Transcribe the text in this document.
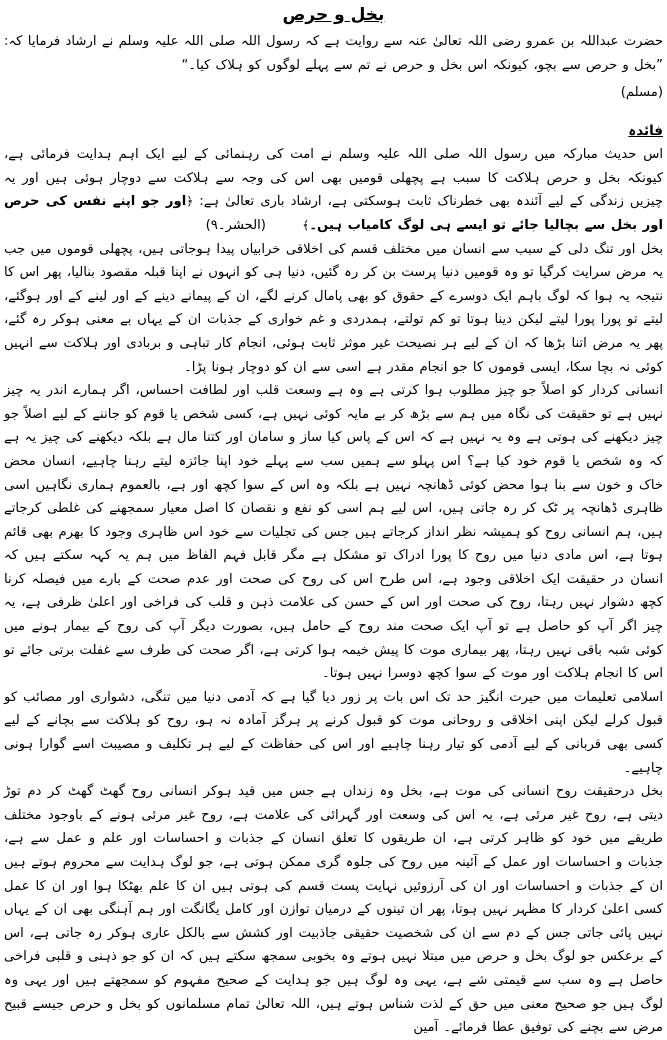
بخل و حرص

حضرت عبداللہ بن عمرو رضی اللہ تعالیٰ عنہ سے روایت ہے کہ رسول اللہ صلی اللہ علیہ وسلم نے ارشاد فرمایا کہ: ”بخل و حرص سے بچو، کیونکہ اس بخل و حرص نے تم سے پہلے لوگوں کو ہلاک کیا۔“

(مسلم)
فائدہ

اس حدیث مبارکہ میں رسول اللہ صلی اللہ علیہ وسلم نے امت کی رہنمائی کے لیے ایک اہم ہدایت فرمائی ہے، کیونکہ بخل و حرص ہلاکت کا سبب ہے پچھلی قومیں بھی اس کی وجہ سے ہلاکت سے دوچار ہوئی ہیں اور یہ چیزیں زندگی کے لیے آئندہ بھی خطرناک ثابت ہوسکتی ہے، ارشاد باری تعالیٰ ہے: ﴿اور جو اپنے نفس کی حرص اور بخل سے بچالیا جائے تو ایسے ہی لوگ کامیاب ہیں۔﴾       (الحشر۔۹)

بخل اور تنگ دلی کے سبب سے انسان میں مختلف قسم کی اخلاقی خرابیاں پیدا ہوجاتی ہیں، پچھلی قوموں میں جب یہ مرض سرایت کرگیا تو وہ قومیں دنیا پرست بن کر رہ گئیں، دنیا ہی کو انہوں نے اپنا قبلہ مقصود بنالیا، پھر اس کا نتیجہ یہ ہوا کہ لوگ باہم ایک دوسرے کے حقوق کو بھی پامال کرنے لگے، ان کے پیمانے دینے کے اور لینے کے اور ہوگئے، لیتے تو پورا پورا لیتے لیکن دینا ہوتا تو کم تولتے، ہمدردی و غم خواری کے جذبات ان کے یہاں بے معنی ہوکر رہ گئے، پھر یہ مرض اتنا بڑھا کہ ان کے لیے ہر نصیحت غیر موثر ثابت ہوئی، انجام کار تباہی و بربادی اور ہلاکت سے انہیں کوئی نہ بچا سکا، ایسی قوموں کا جو انجام مقدر ہے اسی سے ان کو دوچار ہونا پڑا۔

انسانی کردار کو اصلاً جو چیز مطلوب ہوا کرتی ہے وہ ہے وسعت قلب اور لطافت احساس، اگر ہمارے اندر یہ چیز نہیں ہے تو حقیقت کی نگاہ میں ہم سے بڑھ کر بے مایہ کوئی نہیں ہے، کسی شخص یا قوم کو جاننے کے لیے اصلاً جو چیز دیکھنے کی ہوتی ہے وہ یہ نہیں ہے کہ اس کے پاس کیا ساز و سامان اور کتنا مال ہے بلکہ دیکھنے کی چیز یہ ہے کہ وہ شخص یا قوم خود کیا ہے؟ اس پہلو سے ہمیں سب سے پہلے خود اپنا جائزہ لیتے رہنا چاہیے، انسان محض خاک و خون سے بنا ہوا محض کوئی ڈھانچہ نہیں ہے بلکہ وہ اس کے سوا کچھ اور ہے، بالعموم ہماری نگاہیں اسی ظاہری ڈھانچہ پر ٹک کر رہ جاتی ہیں، اس لیے ہم اسی کو نفع و نقصان کا اصل معیار سمجھنے کی غلطی کرجاتے ہیں، ہم انسانی روح کو ہمیشہ نظر انداز کرجاتے ہیں جس کی تجلیات سے خود اس ظاہری وجود کا بھرم بھی قائم ہوتا ہے، اس مادی دنیا میں روح کا پورا ادراک تو مشکل ہے مگر قابل فہم الفاظ میں ہم یہ کہہ سکتے ہیں کہ انسان در حقیقت ایک اخلاقی وجود ہے، اس طرح اس کی روح کی صحت اور عدم صحت کے بارے میں فیصلہ کرنا کچھ دشوار نہیں رہتا، روح کی صحت اور اس کے حسن کی علامت ذہن و قلب کی فراخی اور اعلیٰ ظرفی ہے، یہ چیز اگر آپ کو حاصل ہے تو آپ ایک صحت مند روح کے حامل ہیں، بصورت دیگر آپ کی روح کے بیمار ہونے میں کوئی شبہ باقی نہیں رہتا، پھر بیماری موت کا پیش خیمہ ہوا کرتی ہے، اگر صحت کی طرف سے غفلت برتی جائے تو اس کا انجام ہلاکت اور موت کے سوا کچھ دوسرا نہیں ہوتا۔

اسلامی تعلیمات میں حیرت انگیز حد تک اس بات پر زور دیا گیا ہے کہ آدمی دنیا میں تنگی، دشواری اور مصائب کو قبول کرلے لیکن اپنی اخلاقی و روحانی موت کو قبول کرنے پر ہرگز آمادہ نہ ہو، روح کو ہلاکت سے بچانے کے لیے کسی بھی قربانی کے لیے آدمی کو تیار رہنا چاہیے اور اس کی حفاظت کے لیے ہر تکلیف و مصیبت اسے گوارا ہونی چاہیے۔

بخل درحقیقت روح انسانی کی موت ہے، بخل وہ زنداں ہے جس میں قید ہوکر انسانی روح گھٹ گھٹ کر دم توڑ دیتی ہے، روح غیر مرئی ہے، یہ اس کی وسعت اور گہرائی کی علامت ہے، روح غیر مرئی ہونے کے باوجود مختلف طریقے میں خود کو ظاہر کرتی ہے، ان طریقوں کا تعلق انسان کے جذبات و احساسات اور علم و عمل سے ہے، جذبات و احساسات اور عمل کے آئینہ میں روح کی جلوہ گری ممکن ہوتی ہے، جو لوگ ہدایت سے محروم ہوتے ہیں ان کے جذبات و احساسات اور ان کی آرزوئیں نہایت پست قسم کی ہوتی ہیں ان کا علم بھٹکا ہوا اور ان کا عمل کسی اعلیٰ کردار کا مظہر نہیں ہوتا، پھر ان تینوں کے درمیان توازن اور کامل یگانگت اور ہم آہنگی بھی ان کے یہاں نہیں پائی جاتی جس کے دم سے ان کی شخصیت حقیقی جاذبیت اور کشش سے بالکل عاری ہوکر رہ جاتی ہے، اس کے برعکس جو لوگ بخل و حرص میں مبتلا نہیں ہوتے وہ بخوبی سمجھ سکتے ہیں کہ ان کو جو ذہنی و قلبی فراخی حاصل ہے وہ سب سے قیمتی شے ہے، یہی وہ لوگ ہیں جو ہدایت کے صحیح مفہوم کو سمجھتے ہیں اور یہی وہ لوگ ہیں جو صحیح معنی میں حق کے لذت شناس ہوتے ہیں، اللہ تعالیٰ تمام مسلمانوں کو بخل و حرص جیسے قبیح مرض سے بچنے کی توفیق عطا فرمائے۔ آمین
